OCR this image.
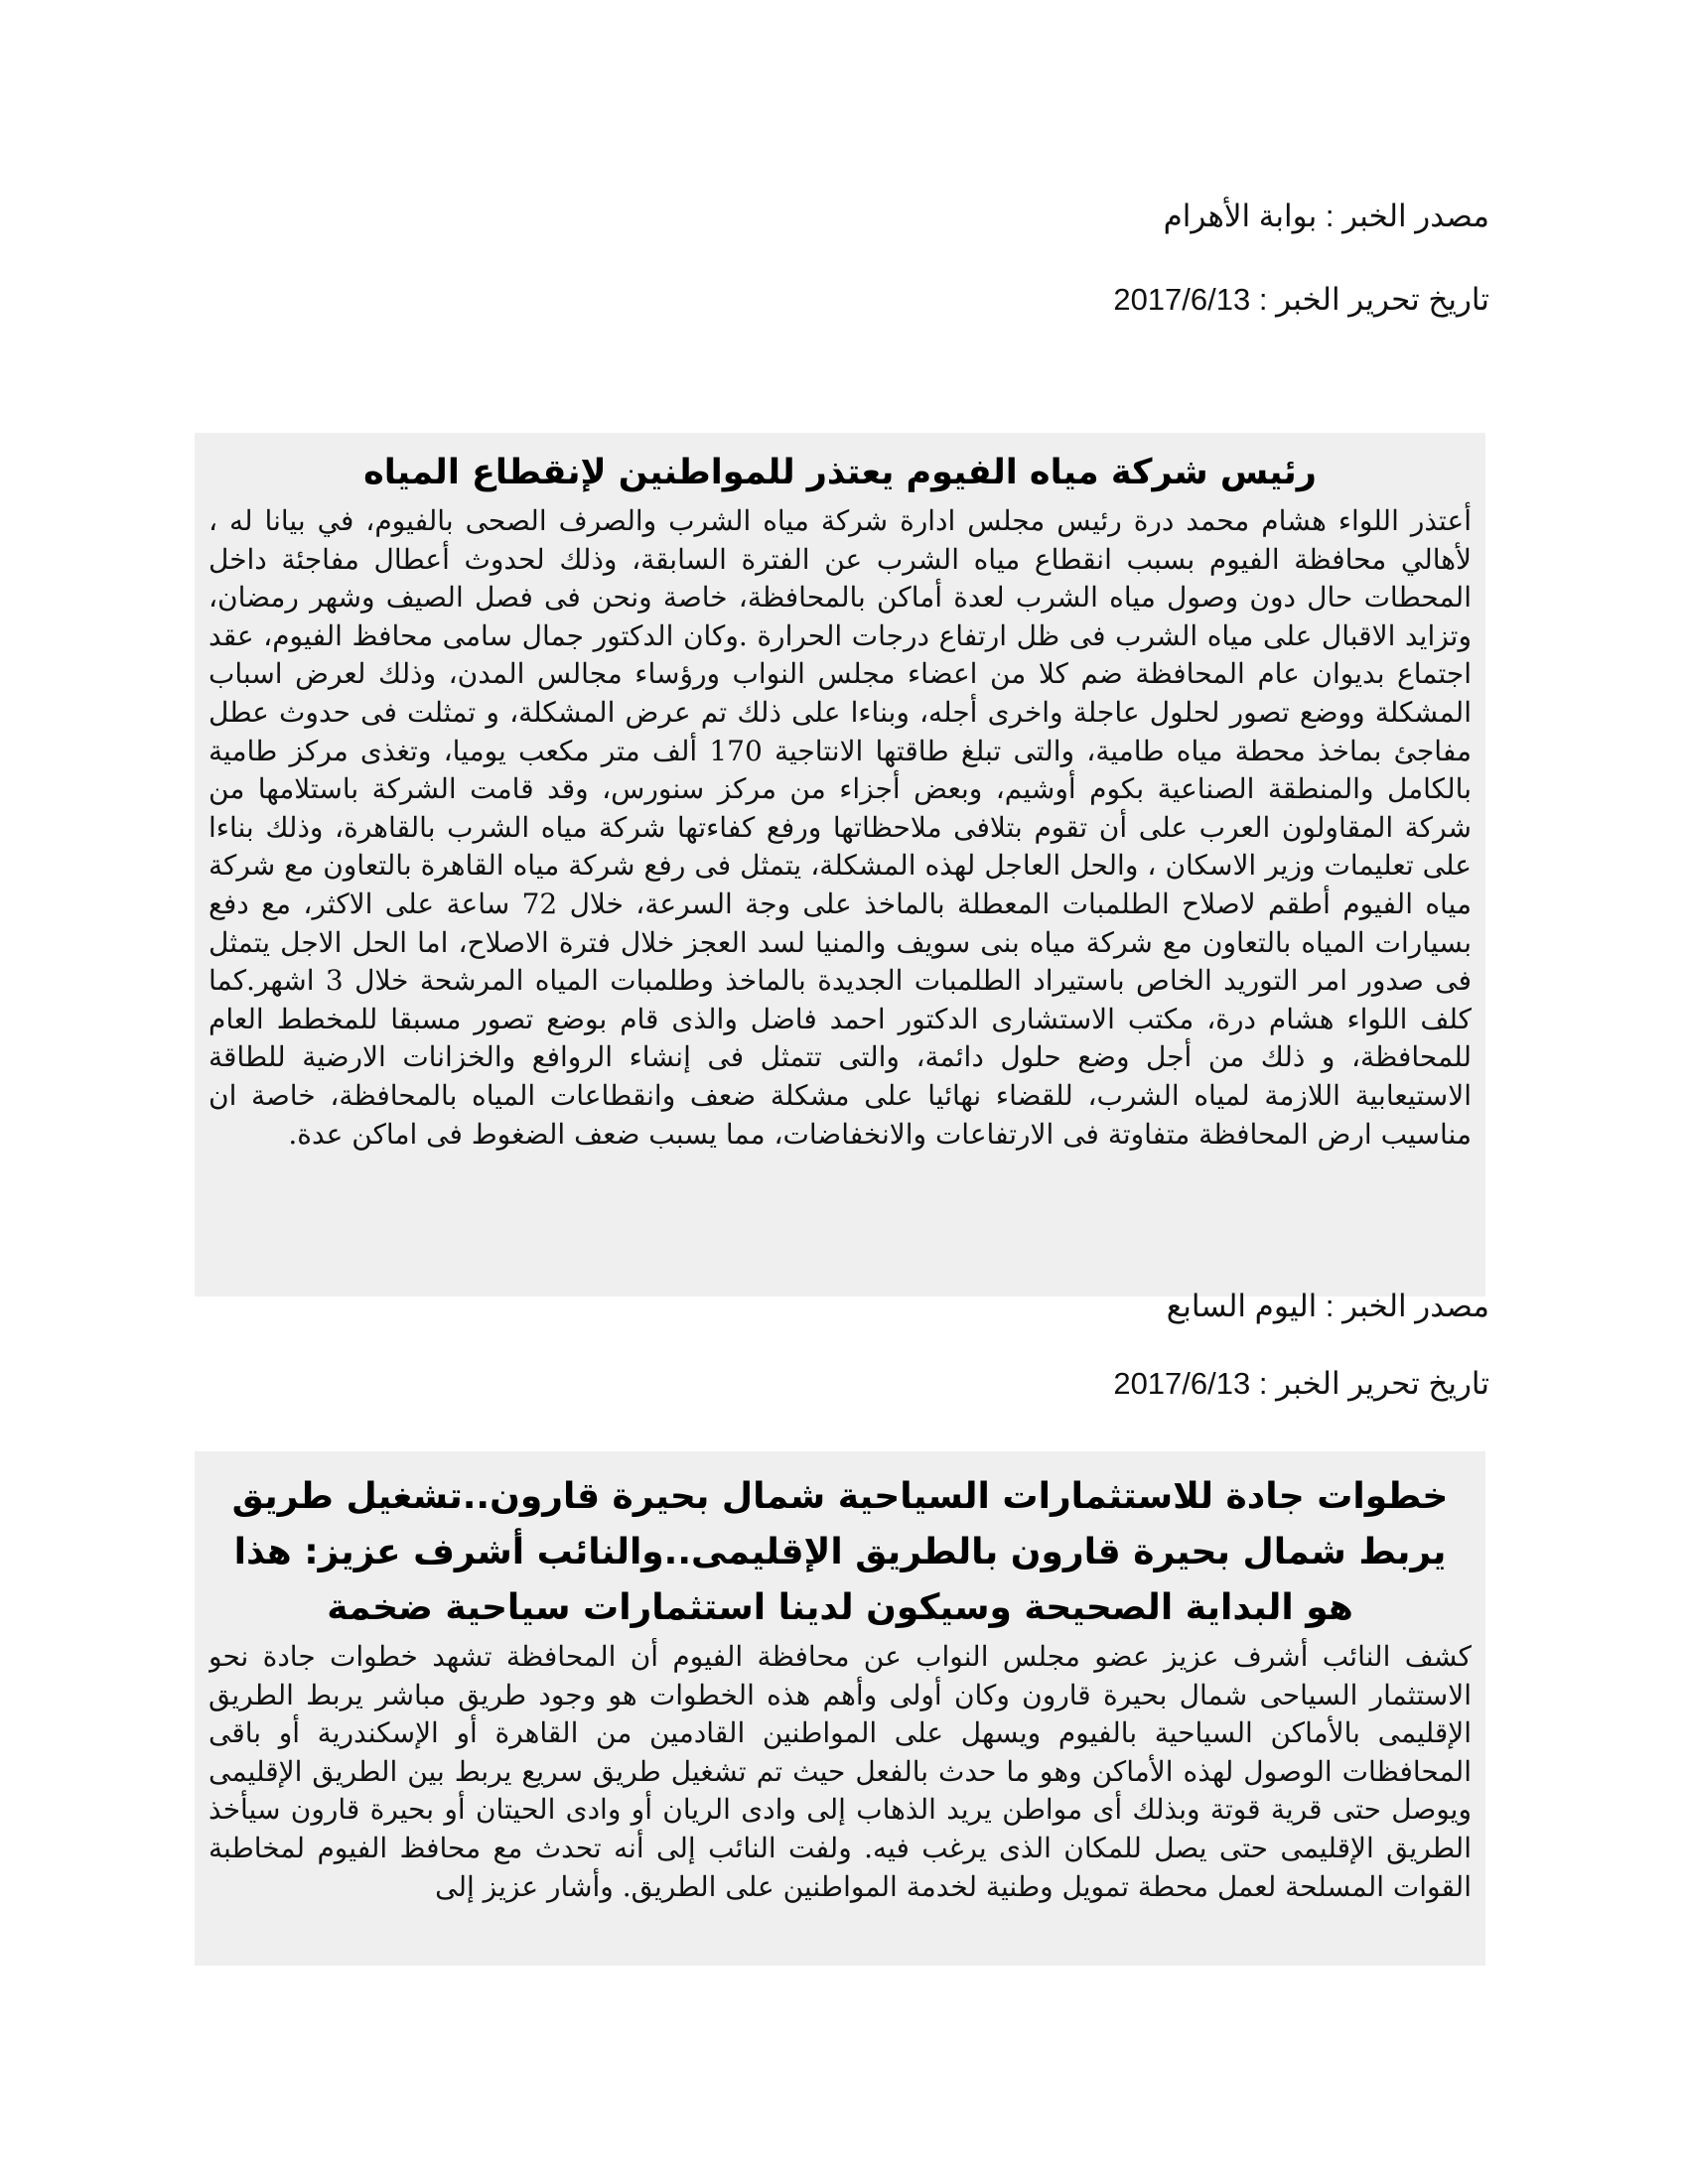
مصدر الخبر : بوابة الأهرام
تاريخ تحرير الخبر : 2017/6/13
رئيس شركة مياه الفيوم يعتذر للمواطنين لإنقطاع المياه

أعتذر اللواء هشام محمد درة رئيس مجلس ادارة شركة مياه الشرب والصرف الصحى بالفيوم، في بيانا له ، لأهالي محافظة الفيوم بسبب انقطاع مياه الشرب عن الفترة السابقة، وذلك لحدوث أعطال مفاجئة داخل المحطات حال دون وصول مياه الشرب لعدة أماكن بالمحافظة، خاصة ونحن فى فصل الصيف وشهر رمضان، وتزايد الاقبال على مياه الشرب فى ظل ارتفاع درجات الحرارة .وكان الدكتور جمال سامى محافظ الفيوم، عقد اجتماع بديوان عام المحافظة ضم كلا من اعضاء مجلس النواب ورؤساء مجالس المدن، وذلك لعرض اسباب المشكلة ووضع تصور لحلول عاجلة واخرى أجله، وبناءا على ذلك تم عرض المشكلة، و تمثلت فى حدوث عطل مفاجئ بماخذ محطة مياه طامية، والتى تبلغ طاقتها الانتاجية 170 ألف متر مكعب يوميا، وتغذى مركز طامية بالكامل والمنطقة الصناعية بكوم أوشيم، وبعض أجزاء من مركز سنورس، وقد قامت الشركة باستلامها من شركة المقاولون العرب على أن تقوم بتلافى ملاحظاتها ورفع كفاءتها شركة مياه الشرب بالقاهرة، وذلك بناءا على تعليمات وزير الاسكان ، والحل العاجل لهذه المشكلة، يتمثل فى رفع شركة مياه القاهرة بالتعاون مع شركة مياه الفيوم أطقم لاصلاح الطلمبات المعطلة بالماخذ على وجة السرعة، خلال 72 ساعة على الاكثر، مع دفع بسيارات المياه بالتعاون مع شركة مياه بنى سويف والمنيا لسد العجز خلال فترة الاصلاح، اما الحل الاجل يتمثل فى صدور امر التوريد الخاص باستيراد الطلمبات الجديدة بالماخذ وطلمبات المياه المرشحة خلال 3 اشهر.كما كلف اللواء هشام درة، مكتب الاستشارى الدكتور احمد فاضل والذى قام بوضع تصور مسبقا للمخطط العام للمحافظة، و ذلك من أجل وضع حلول دائمة، والتى تتمثل فى إنشاء الروافع والخزانات الارضية للطاقة الاستيعابية اللازمة لمياه الشرب، للقضاء نهائيا على مشكلة ضعف وانقطاعات المياه بالمحافظة، خاصة ان مناسيب ارض المحافظة متفاوتة فى الارتفاعات والانخفاضات، مما يسبب ضعف الضغوط فى اماكن عدة.

مصدر الخبر : اليوم السابع
تاريخ تحرير الخبر : 2017/6/13
خطوات جادة للاستثمارات السياحية شمال بحيرة قارون..تشغيل طريق يربط شمال بحيرة قارون بالطريق الإقليمى..والنائب أشرف عزيز: هذا هو البداية الصحيحة وسيكون لدينا استثمارات سياحية ضخمة

كشف النائب أشرف عزيز عضو مجلس النواب عن محافظة الفيوم أن المحافظة تشهد خطوات جادة نحو الاستثمار السياحى شمال بحيرة قارون وكان أولى وأهم هذه الخطوات هو وجود طريق مباشر يربط الطريق الإقليمى بالأماكن السياحية بالفيوم ويسهل على المواطنين القادمين من القاهرة أو الإسكندرية أو باقى المحافظات الوصول لهذه الأماكن وهو ما حدث بالفعل حيث تم تشغيل طريق سريع يربط بين الطريق الإقليمى ويوصل حتى قرية قوتة وبذلك أى مواطن يريد الذهاب إلى وادى الريان أو وادى الحيتان أو بحيرة قارون سيأخذ الطريق الإقليمى حتى يصل للمكان الذى يرغب فيه. ولفت النائب إلى أنه تحدث مع محافظ الفيوم لمخاطبة القوات المسلحة لعمل محطة تمويل وطنية لخدمة المواطنين على الطريق. وأشار عزيز إلى
